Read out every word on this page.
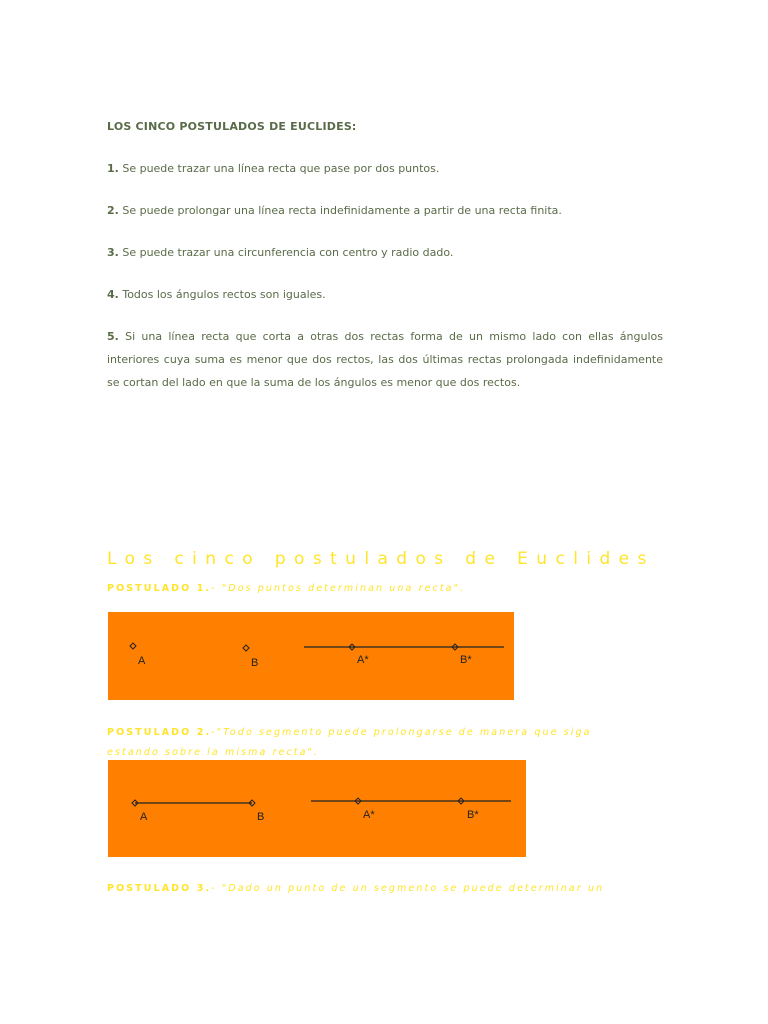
LOS CINCO POSTULADOS DE EUCLIDES:
1. Se puede trazar una línea recta que pase por dos puntos.
2. Se puede prolongar una línea recta indefinidamente a partir de una recta finita.
3. Se puede trazar una circunferencia con centro y radio dado.
4. Todos los ángulos rectos son iguales.
5. Si una línea recta que corta a otras dos rectas forma de un mismo lado con ellas ángulos interiores cuya suma es menor que dos rectos, las dos últimas rectas prolongada indefinidamente se cortan del lado en que la suma de los ángulos es menor que dos rectos.
Los cinco postulados de Euclides
POSTULADO 1.- "Dos puntos determinan una recta".
A	B	A*	B*
POSTULADO 2.-"Todo segmento puede prolongarse de manera que siga
estando sobre la misma recta".
A	B	A*	B*
POSTULADO 3.- "Dado un punto de un segmento se puede determinar un
